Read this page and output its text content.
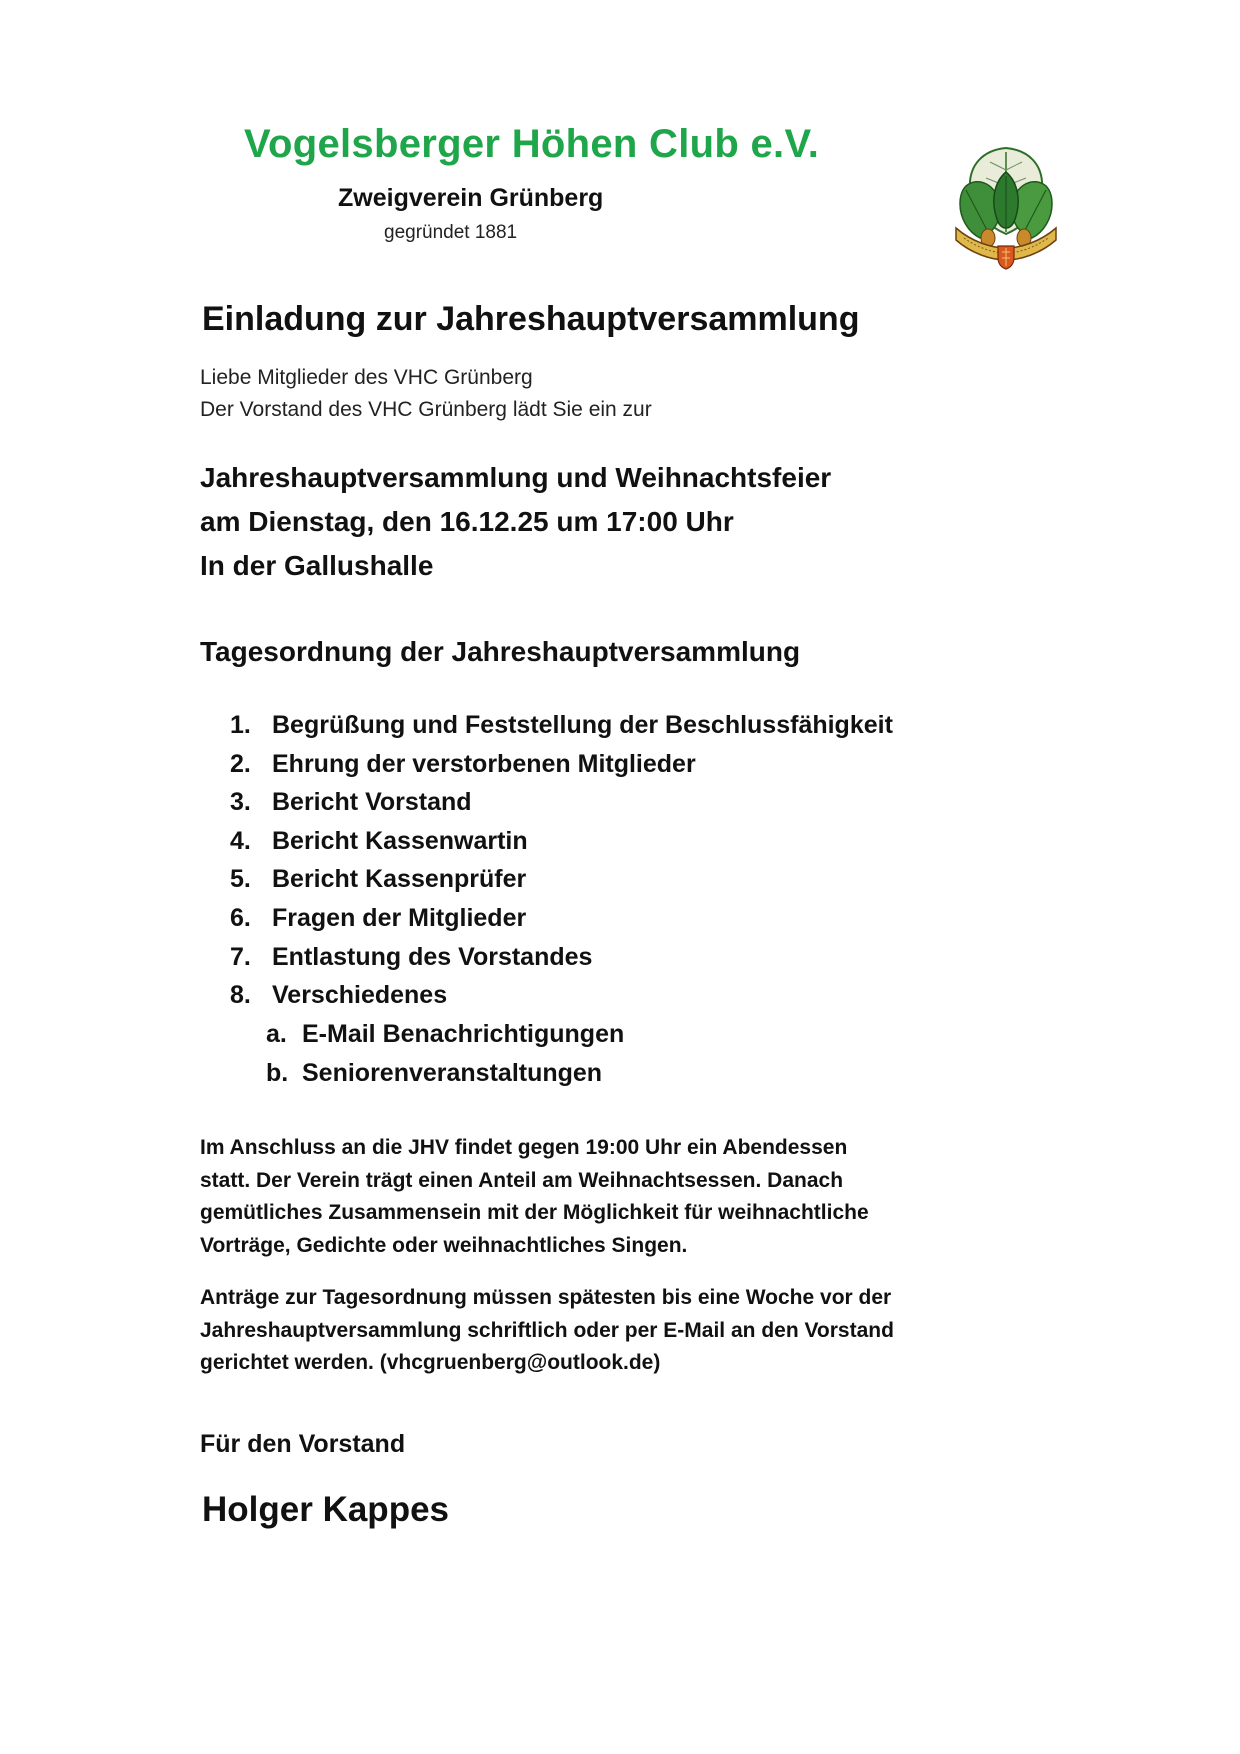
Vogelsberger Höhen Club e.V.
Zweigverein Grünberg
gegründet 1881
Einladung zur Jahreshauptversammlung
Liebe Mitglieder des VHC Grünberg
Der Vorstand des VHC Grünberg lädt Sie ein zur
Jahreshauptversammlung und Weihnachtsfeier
am Dienstag, den 16.12.25 um 17:00 Uhr
In der Gallushalle
Tagesordnung der Jahreshauptversammlung
1. Begrüßung und Feststellung der Beschlussfähigkeit
2. Ehrung der verstorbenen Mitglieder
3. Bericht Vorstand
4. Bericht Kassenwartin
5. Bericht Kassenprüfer
6. Fragen der Mitglieder
7. Entlastung des Vorstandes
8. Verschiedenes
a. E-Mail Benachrichtigungen
b. Seniorenveranstaltungen
Im Anschluss an die JHV findet gegen 19:00 Uhr ein Abendessen
statt. Der Verein trägt einen Anteil am Weihnachtsessen. Danach
gemütliches Zusammensein mit der Möglichkeit für weihnachtliche
Vorträge, Gedichte oder weihnachtliches Singen.
Anträge zur Tagesordnung müssen spätesten bis eine Woche vor der
Jahreshauptversammlung schriftlich oder per E-Mail an den Vorstand
gerichtet werden. (vhcgruenberg@outlook.de)
Für den Vorstand
Holger Kappes
